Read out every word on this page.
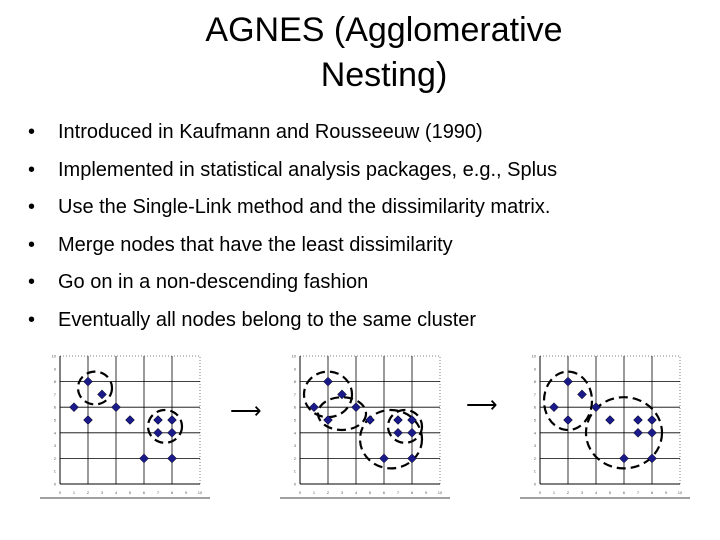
AGNES (Agglomerative
Nesting)
• Introduced in Kaufmann and Rousseeuw (1990)
• Implemented in statistical analysis packages, e.g., Splus
• Use the Single-Link method and the dissimilarity matrix.
• Merge nodes that have the least dissimilarity
• Go on in a non-descending fashion
• Eventually all nodes belong to the same cluster
0	1	2	3	4	5	6	7	8	9	10
0
1
2
3
4
5
6
7
8
9
10
0	1	2	3	4	5	6	7	8	9	10
0
1
2
3
4
5
6
7
8
9
10
0	1	2	3	4	5	6	7	8	9	10
0
1
2
3
4
5
6
7
8
9
10
⟶	⟶
